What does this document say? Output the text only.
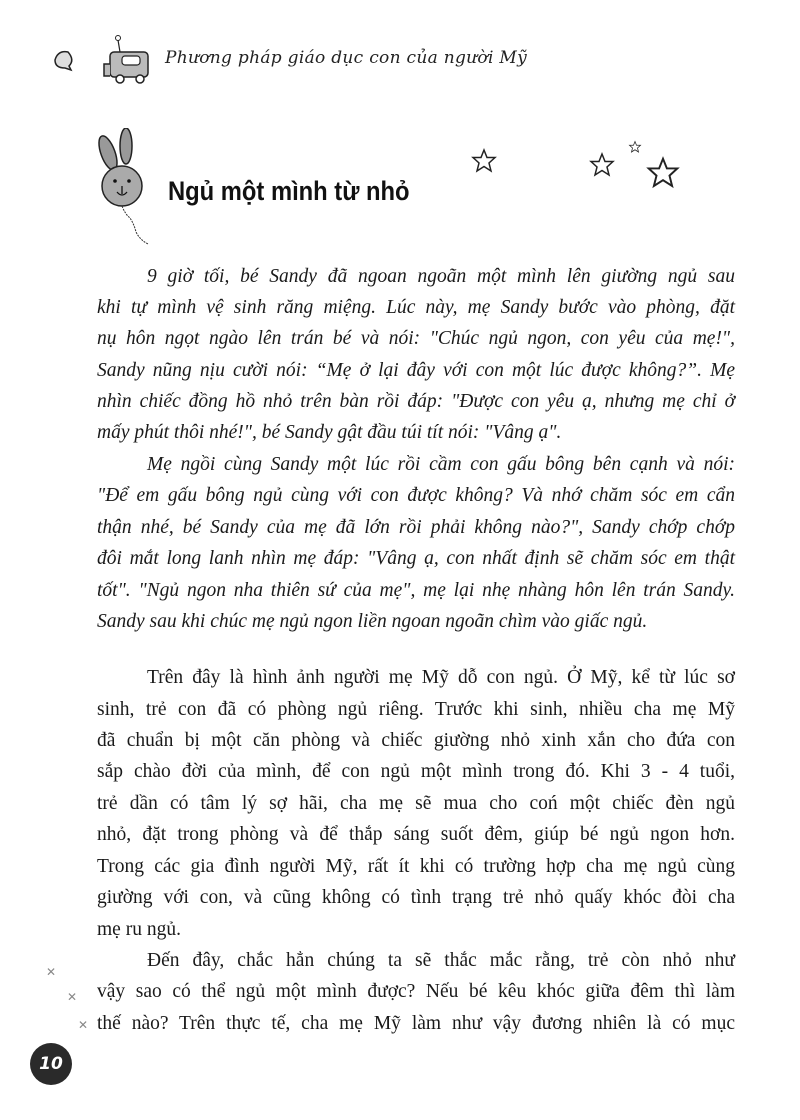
Phương pháp giáo dục con của người Mỹ
Ngủ một mình từ nhỏ
9 giờ tối, bé Sandy đã ngoan ngoãn một mình lên giường ngủ sau
khi tự mình vệ sinh răng miệng. Lúc này, mẹ Sandy bước vào phòng, đặt
nụ hôn ngọt ngào lên trán bé và nói: "Chúc ngủ ngon, con yêu của mẹ!",
Sandy nũng nịu cười nói: “Mẹ ở lại đây với con một lúc được không?”. Mẹ
nhìn chiếc đồng hồ nhỏ trên bàn rồi đáp: "Được con yêu ạ, nhưng mẹ chỉ ở
mấy phút thôi nhé!", bé Sandy gật đầu túi tít nói: "Vâng ạ".
Mẹ ngồi cùng Sandy một lúc rồi cầm con gấu bông bên cạnh và nói:
"Để em gấu bông ngủ cùng với con được không? Và nhớ chăm sóc em cẩn
thận nhé, bé Sandy của mẹ đã lớn rồi phải không nào?", Sandy chớp chớp
đôi mắt long lanh nhìn mẹ đáp: "Vâng ạ, con nhất định sẽ chăm sóc em thật
tốt". "Ngủ ngon nha thiên sứ của mẹ", mẹ lại nhẹ nhàng hôn lên trán Sandy.
Sandy sau khi chúc mẹ ngủ ngon liền ngoan ngoãn chìm vào giấc ngủ.
Trên đây là hình ảnh người mẹ Mỹ dỗ con ngủ. Ở Mỹ, kể từ lúc sơ
sinh, trẻ con đã có phòng ngủ riêng. Trước khi sinh, nhiều cha mẹ Mỹ
đã chuẩn bị một căn phòng và chiếc giường nhỏ xinh xắn cho đứa con
sắp chào đời của mình, để con ngủ một mình trong đó. Khi 3 - 4 tuổi,
trẻ dần có tâm lý sợ hãi, cha mẹ sẽ mua cho coń một chiếc đèn ngủ
nhỏ, đặt trong phòng và để thắp sáng suốt đêm, giúp bé ngủ ngon hơn.
Trong các gia đình người Mỹ, rất ít khi có trường hợp cha mẹ ngủ cùng
giường với con, và cũng không có tình trạng trẻ nhỏ quấy khóc đòi cha
mẹ ru ngủ.
Đến đây, chắc hẳn chúng ta sẽ thắc mắc rằng, trẻ còn nhỏ như
vậy sao có thể ngủ một mình được? Nếu bé kêu khóc giữa đêm thì làm
thế nào? Trên thực tế, cha mẹ Mỹ làm như vậy đương nhiên là có mục
✕
✕
✕
10
